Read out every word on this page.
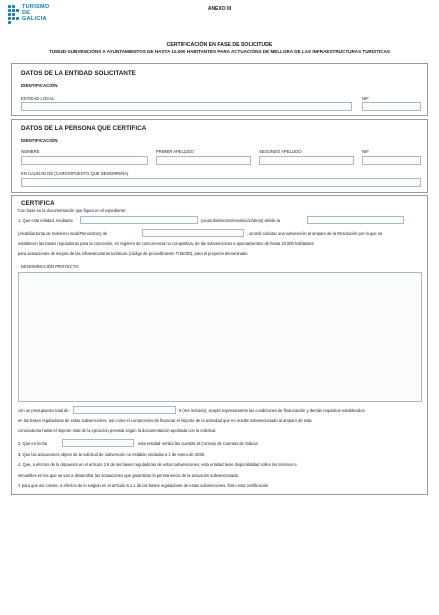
TURISMO
DE
GALICIA
ANEXO III
CERTIFICACIÓN EN FASE DE SOLICITUDE
TU503D-SUBVENCIÓNS A AYUNTAMIENTOS DE HASTA 10.000 HABITANTES PARA ACTUACIÓNS DE MELLORA DE LAS INFRAESTRUCTURAS TURÍSTICAS
DATOS DE LA ENTIDAD SOLICITANTE
IDENTIFICACIÓN
ENTIDAD LOCAL	NIF
DATOS DE LA PERSONA QUE CERTIFICA
IDENTIFICACIÓN
NOMBRE	PRIMER APELLIDO	SEGUNDO APELLIDO	NIF
EN CALIDAD DE (CARGO/PUESTO QUE DESEMPEÑA)
CERTIFICA
Con base en la documentación que figura en el expediente:
1. Que esta entidad, mediante	(acuerdo/decreto/resolución/otros) del/de la
(Alcaldía/Junta de Gobierno local/Pleno/otros) de	, acordó solicitar una subvención al amparo de la Resolución por la que se
establecen las bases reguladoras para la concesión, en régimen de concurrencia no competitiva, de las subvenciones a ayuntamientos de hasta 10.000 habitantes
para actuaciones de mejora de las infraestructuras turísticas (código de procedimiento TU503D), para el proyecto denominado
DENOMINACIÓN PROYECTO
con un presupuesto total de	€ (IVA incluido), aceptó expresamente las condiciones de financiación y demás requisitos establecidos
en las bases reguladoras de estas subvenciones, así como el compromiso de financiar el importe de la actividad que no resulte subvencionado al amparo de esta
convocatoria hasta el importe total de la ejecución prevista según la documentación aportada con la solicitud.
2. Que en fecha	esta entidad remitió las cuentas al Consejo de Cuentas de Galicia.
3. Que las actuaciones objeto de la solicitud de subvención no estaban iniciadas a 1 de enero de 2025.
4. Que, a efectos de lo dispuesto en el artículo 2.6 de las bases reguladoras de estas subvenciones, esta entidad tiene disponibilidad sobre los terrenos e
inmuebles en los que se van a desarrollar las actuaciones que garantizan la permanencia de la actuación subvencionada.
Y para que así conste, a efectos de lo exigido en el artículo 6.1.1 de las bases reguladoras de estas subvenciones, firmo esta certificación.
